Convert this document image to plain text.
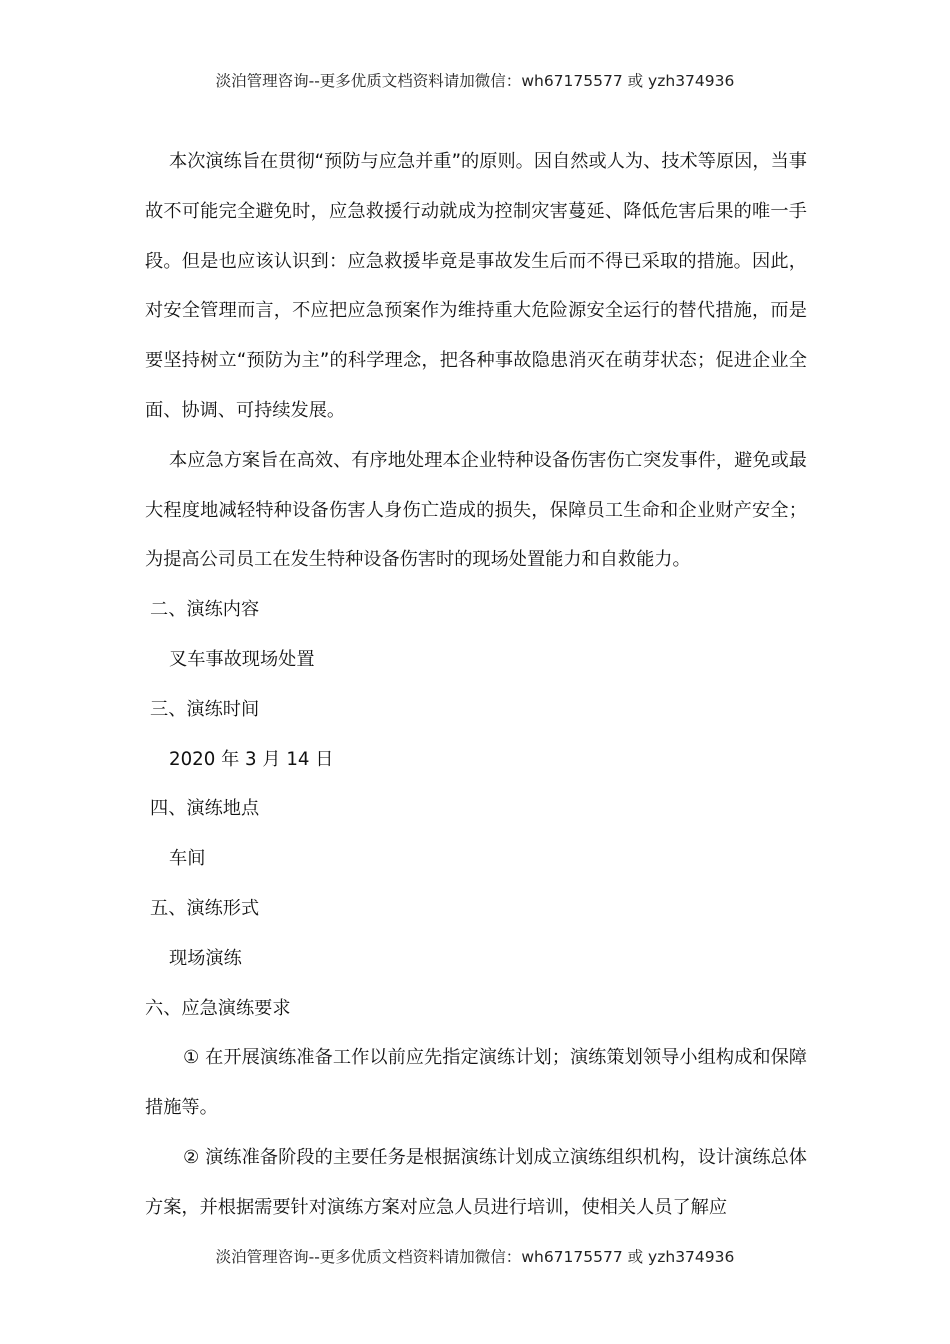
淡泊管理咨询--更多优质文档资料请加微信：wh67175577 或 yzh374936

本次演练旨在贯彻“预防与应急并重”的原则。因自然或人为、技术等原因，当事故不可能完全避免时，应急救援行动就成为控制灾害蔓延、降低危害后果的唯一手段。但是也应该认识到：应急救援毕竟是事故发生后而不得已采取的措施。因此，对安全管理而言，不应把应急预案作为维持重大危险源安全运行的替代措施，而是要坚持树立“预防为主”的科学理念，把各种事故隐患消灭在萌芽状态；促进企业全面、协调、可持续发展。

本应急方案旨在高效、有序地处理本企业特种设备伤害伤亡突发事件，避免或最大程度地减轻特种设备伤害人身伤亡造成的损失，保障员工生命和企业财产安全；为提高公司员工在发生特种设备伤害时的现场处置能力和自救能力。

二、演练内容

叉车事故现场处置

三、演练时间

2020 年 3 月 14 日

四、演练地点

车间

五、演练形式

现场演练

六、应急演练要求

① 在开展演练准备工作以前应先指定演练计划；演练策划领导小组构成和保障措施等。

② 演练准备阶段的主要任务是根据演练计划成立演练组织机构，设计演练总体方案，并根据需要针对演练方案对应急人员进行培训，使相关人员了解应

淡泊管理咨询--更多优质文档资料请加微信：wh67175577 或 yzh374936
